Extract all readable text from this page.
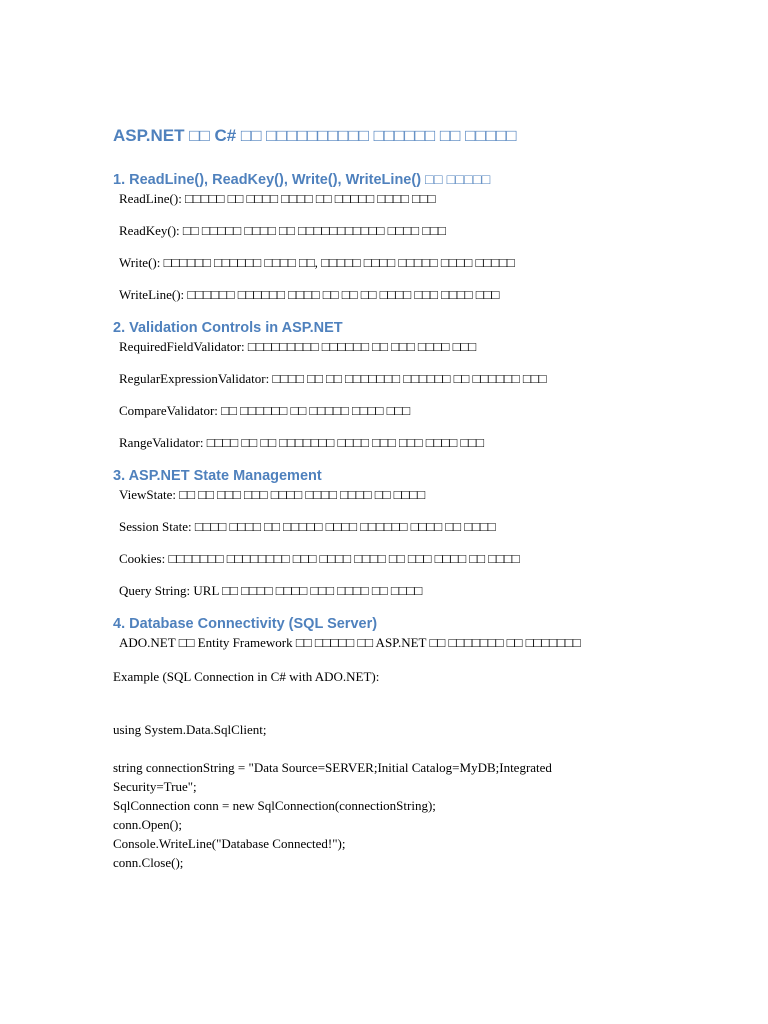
ASP.NET □□ C# □□ □□□□□□□□□□ □□□□□□ □□ □□□□□
1. ReadLine(), ReadKey(), Write(), WriteLine() □□ □□□□□
ReadLine(): □□□□□ □□ □□□□ □□□□ □□ □□□□□ □□□□ □□□
ReadKey(): □□ □□□□□ □□□□ □□ □□□□□□□□□□□ □□□□ □□□
Write(): □□□□□□ □□□□□□ □□□□ □□, □□□□□ □□□□ □□□□□ □□□□ □□□□□
WriteLine(): □□□□□□ □□□□□□ □□□□ □□ □□ □□ □□□□ □□□ □□□□ □□□
2. Validation Controls in ASP.NET
RequiredFieldValidator: □□□□□□□□□ □□□□□□ □□ □□□ □□□□ □□□
RegularExpressionValidator: □□□□ □□ □□ □□□□□□□ □□□□□□ □□ □□□□□□ □□□
CompareValidator: □□ □□□□□□ □□ □□□□□ □□□□ □□□
RangeValidator: □□□□ □□ □□ □□□□□□□ □□□□ □□□ □□□ □□□□ □□□
3. ASP.NET State Management
ViewState: □□ □□ □□□ □□□ □□□□ □□□□ □□□□ □□ □□□□
Session State: □□□□ □□□□ □□ □□□□□ □□□□ □□□□□□ □□□□ □□ □□□□
Cookies: □□□□□□□ □□□□□□□□ □□□ □□□□ □□□□ □□ □□□ □□□□ □□ □□□□
Query String: URL □□ □□□□ □□□□ □□□ □□□□ □□ □□□□
4. Database Connectivity (SQL Server)
ADO.NET □□ Entity Framework □□ □□□□□ □□ ASP.NET □□ □□□□□□□ □□ □□□□□□□

Example (SQL Connection in C# with ADO.NET):

using System.Data.SqlClient;
string connectionString = "Data Source=SERVER;Initial Catalog=MyDB;Integrated
Security=True";
SqlConnection conn = new SqlConnection(connectionString);
conn.Open();
Console.WriteLine("Database Connected!");
conn.Close();
